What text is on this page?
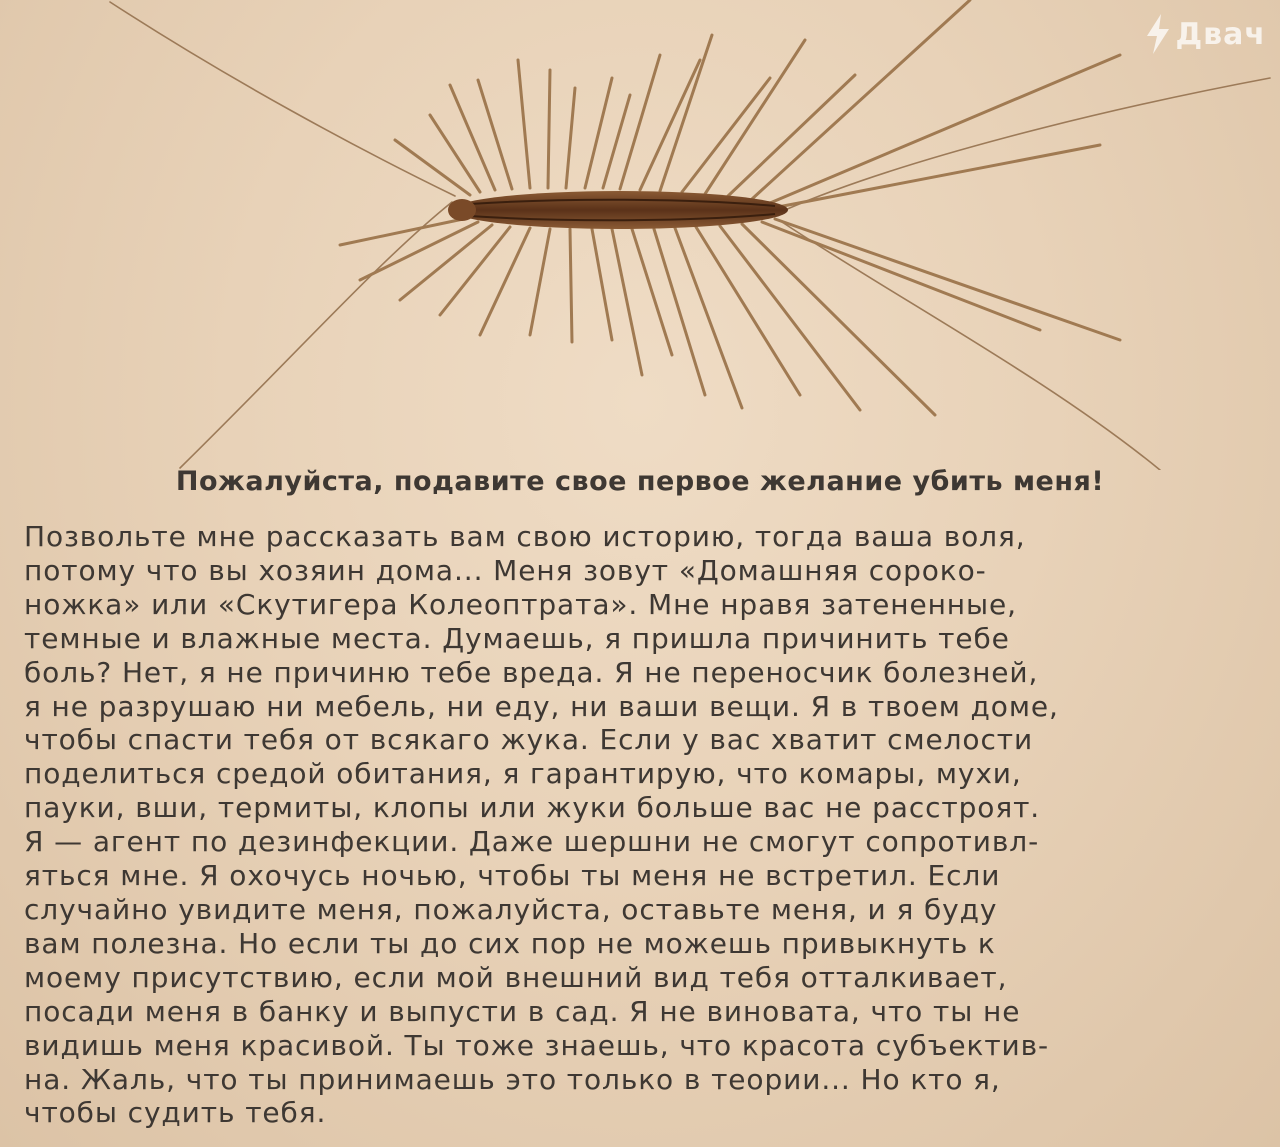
Двач
Пожалуйста, подавите свое первое желание убить меня!
Позвольте мне рассказать вам свою историю, тогда ваша воля,
потому что вы хозяин дома... Меня зовут «Домашняя сороко-
ножка» или «Скутигера Колеоптрата». Мне нравя затененные,
темные и влажные места. Думаешь, я пришла причинить тебе
боль? Нет, я не причиню тебе вреда. Я не переносчик болезней,
я не разрушаю ни мебель, ни еду, ни ваши вещи. Я в твоем доме,
чтобы спасти тебя от всякаго жука. Если у вас хватит смелости
поделиться средой обитания, я гарантирую, что комары, мухи,
пауки, вши, термиты, клопы или жуки больше вас не расстроят.
Я — агент по дезинфекции. Даже шершни не смогут сопротивл-
яться мне. Я охочусь ночью, чтобы ты меня не встретил. Если
случайно увидите меня, пожалуйста, оставьте меня, и я буду
вам полезна. Но если ты до сих пор не можешь привыкнуть к
моему присутствию, если мой внешний вид тебя отталкивает,
посади меня в банку и выпусти в сад. Я не виновата, что ты не
видишь меня красивой. Ты тоже знаешь, что красота субъектив-
на. Жаль, что ты принимаешь это только в теории... Но кто я,
чтобы судить тебя.
